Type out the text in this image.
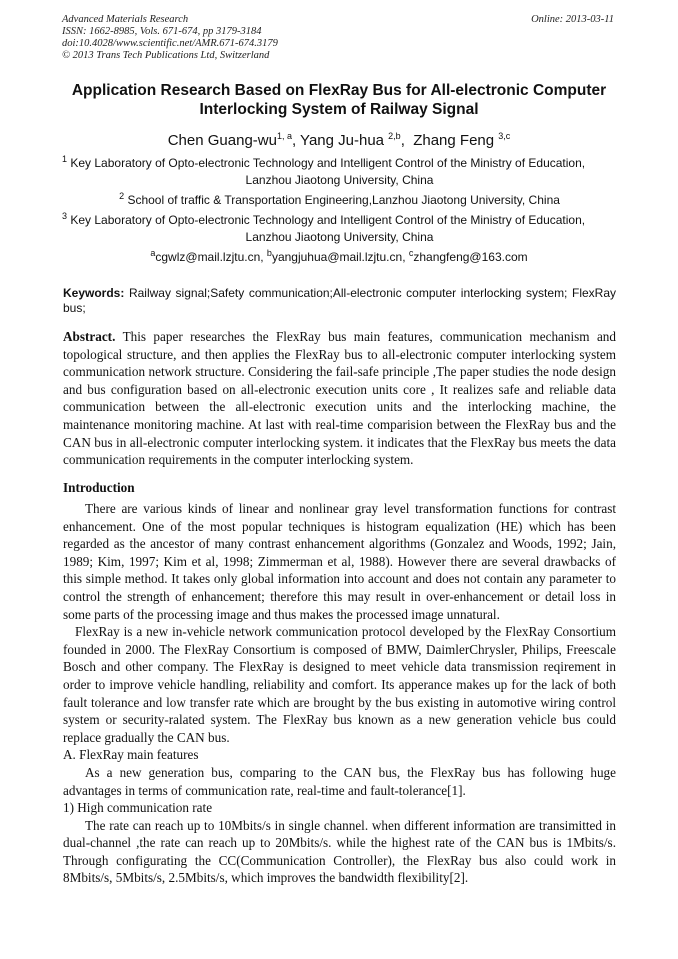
Advanced Materials Research
ISSN: 1662-8985, Vols. 671-674, pp 3179-3184
doi:10.4028/www.scientific.net/AMR.671-674.3179
© 2013 Trans Tech Publications Ltd, Switzerland
Online: 2013-03-11
Application Research Based on FlexRay Bus for All-electronic Computer Interlocking System of Railway Signal
Chen Guang-wu$^{1, a}$, Yang Ju-hua $^{2,b}$,  Zhang Feng $^{3,c}$
$^1$ Key Laboratory of Opto-electronic Technology and Intelligent Control of the Ministry of Education,
Lanzhou Jiaotong University, China
$^2$ School of traffic & Transportation Engineering,Lanzhou Jiaotong University, China
$^3$ Key Laboratory of Opto-electronic Technology and Intelligent Control of the Ministry of Education,
Lanzhou Jiaotong University, China
$^a$cgwlz@mail.lzjtu.cn, $^b$yangjuhua@mail.lzjtu.cn, $^c$zhangfeng@163.com
Keywords: Railway signal;Safety communication;All-electronic computer interlocking system; FlexRay bus;
Abstract. This paper researches the FlexRay bus main features, communication mechanism and topological structure, and then applies the FlexRay bus to all-electronic computer interlocking system communication network structure. Considering the fail-safe principle ,The paper studies the node design and bus configuration based on all-electronic execution units core , It realizes safe and reliable data communication between the all-electronic execution units and the interlocking machine, the maintenance monitoring machine. At last with real-time comparision between the FlexRay bus and the CAN bus in all-electronic computer interlocking system. it indicates that the FlexRay bus meets the data communication requirements in the computer interlocking system.
Introduction

There are various kinds of linear and nonlinear gray level transformation functions for contrast enhancement. One of the most popular techniques is histogram equalization (HE) which has been regarded as the ancestor of many contrast enhancement algorithms (Gonzalez and Woods, 1992; Jain, 1989; Kim, 1997; Kim et al, 1998; Zimmerman et al, 1988). However there are several drawbacks of this simple method. It takes only global information into account and does not contain any parameter to control the strength of enhancement; therefore this may result in over-enhancement or detail loss in some parts of the processing image and thus makes the processed image unnatural.

FlexRay is a new in-vehicle network communication protocol developed by the FlexRay Consortium founded in 2000. The FlexRay Consortium is composed of BMW, DaimlerChrysler, Philips, Freescale Bosch and other company. The FlexRay is designed to meet vehicle data transmission reqirement in order to improve vehicle handling, reliability and comfort. Its apperance makes up for the lack of both fault tolerance and low transfer rate which are brought by the bus existing in automotive wiring control system or security-ralated system. The FlexRay bus known as a new generation vehicle bus could replace gradually the CAN bus.

A. FlexRay main features

As a new generation bus, comparing to the CAN bus, the FlexRay bus has following huge advantages in terms of communication rate, real-time and fault-tolerance[1].

1) High communication rate

The rate can reach up to 10Mbits/s in single channel. when different information are transimitted in dual-channel ,the rate can reach up to 20Mbits/s. while the highest rate of the CAN bus is 1Mbits/s. Through configurating the CC(Communication Controller), the FlexRay bus also could work in 8Mbits/s, 5Mbits/s, 2.5Mbits/s, which improves the bandwidth flexibility[2].
